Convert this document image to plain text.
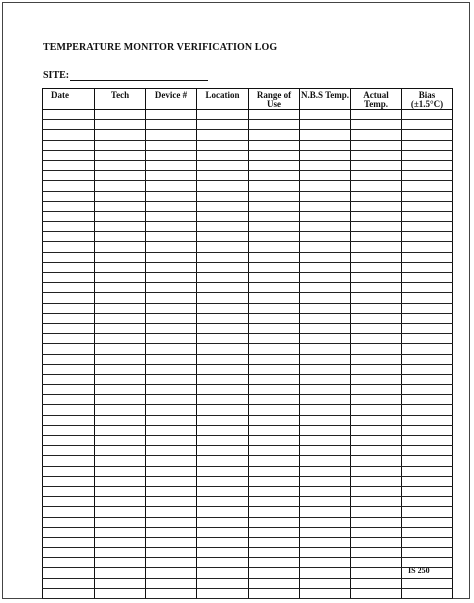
TEMPERATURE MONITOR VERIFICATION LOG
SITE:
Date	Tech	Device #	Location	Range of Use	N.B.S Temp.	Actual Temp.	Bias (±1.5°C)

IS 250
